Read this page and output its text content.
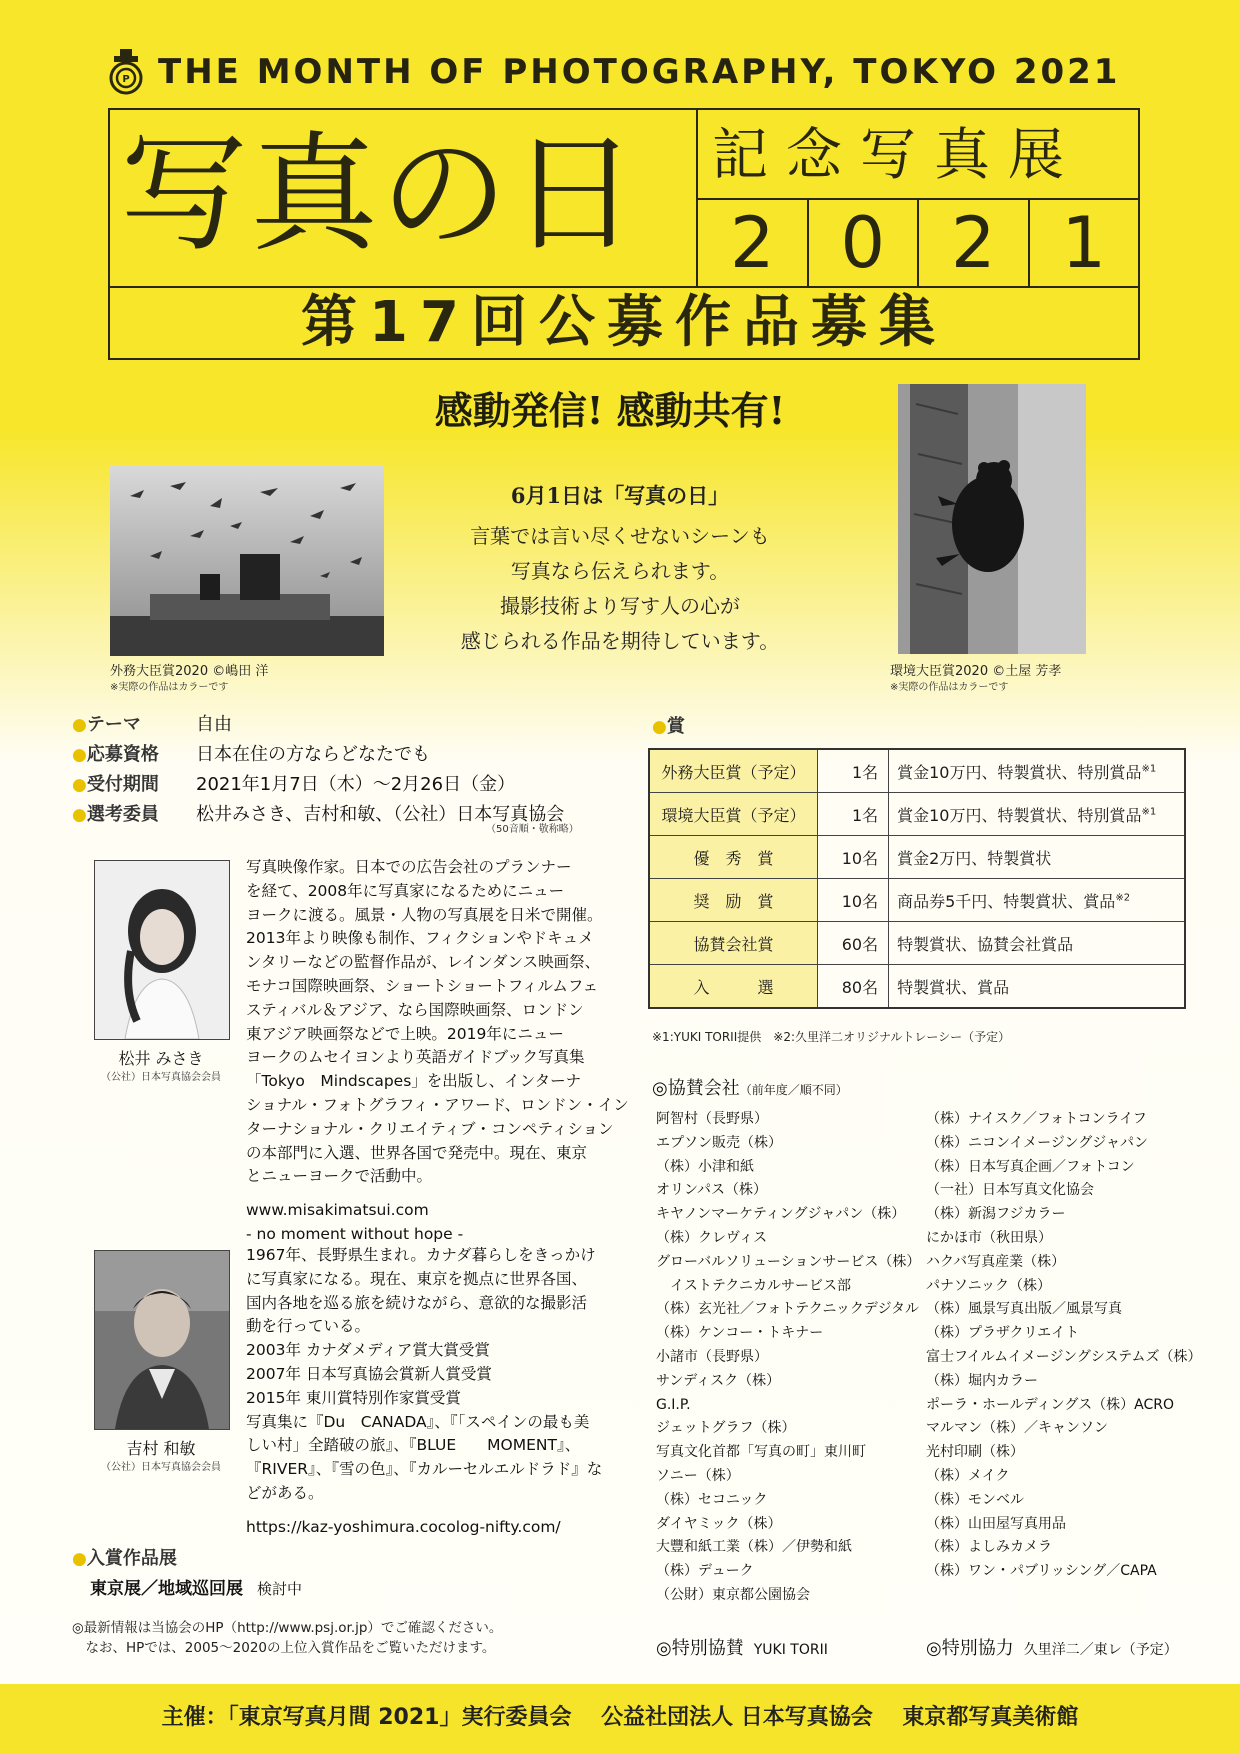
P THE MONTH OF PHOTOGRAPHY, TOKYO 2021
写真の日 記念写真展
2 0 2 1
第17回公募作品募集
感動発信! 感動共有!
外務大臣賞2020 ©嶋田 洋
※実際の作品はカラーです
環境大臣賞2020 ©土屋 芳孝
※実際の作品はカラーです
6月1日は「写真の日」
言葉では言い尽くせないシーンも
写真なら伝えられます。
撮影技術より写す人の心が
感じられる作品を期待しています。
●テーマ	自由
●応募資格	日本在住の方ならどなたでも
●受付期間	2021年1月7日（木）～2月26日（金）
●選考委員	松井みさき、吉村和敏、（公社）日本写真協会
（50音順・敬称略）
松井 みさき
（公社）日本写真協会会員
写真映像作家。日本での広告会社のプランナー
を経て、2008年に写真家になるためにニュー
ヨークに渡る。風景・人物の写真展を日米で開催。
2013年より映像も制作、フィクションやドキュメ
ンタリーなどの監督作品が、レインダンス映画祭、
モナコ国際映画祭、ショートショートフィルムフェ
スティバル＆アジア、なら国際映画祭、ロンドン
東アジア映画祭などで上映。2019年にニュー
ヨークのムセイヨンより英語ガイドブック写真集
「Tokyo　Mindscapes」を出版し、インターナ
ショナル・フォトグラフィ・アワード、ロンドン・イン
ターナショナル・クリエイティブ・コンペティション
の本部門に入選、世界各国で発売中。現在、東京
とニューヨークで活動中。
www.misakimatsui.com
- no moment without hope -
吉村 和敏
（公社）日本写真協会会員
1967年、長野県生まれ。カナダ暮らしをきっかけ
に写真家になる。現在、東京を拠点に世界各国、
国内各地を巡る旅を続けながら、意欲的な撮影活
動を行っている。
2003年 カナダメディア賞大賞受賞
2007年 日本写真協会賞新人賞受賞
2015年 東川賞特別作家賞受賞
写真集に『Du　CANADA』、『「スペインの最も美
しい村」全踏破の旅』、『BLUE　　MOMENT』、
『RIVER』、『雪の色』、『カルーセルエルドラド』な
どがある。
https://kaz-yoshimura.cocolog-nifty.com/
●賞
外務大臣賞（予定）	1名	賞金10万円、特製賞状、特別賞品$^{※1}$
環境大臣賞（予定）	1名	賞金10万円、特製賞状、特別賞品$^{※1}$
優　秀　賞	10名	賞金2万円、特製賞状
奨　励　賞	10名	商品券5千円、特製賞状、賞品$^{※2}$
協賛会社賞	60名	特製賞状、協賛会社賞品
入　　　選	80名	特製賞状、賞品
※1:YUKI TORII提供　※2:久里洋二オリジナルトレーシー（予定）
◎協賛会社（前年度／順不同）
阿智村（長野県）
エプソン販売（株）
（株）小津和紙
オリンパス（株）
キヤノンマーケティングジャパン（株）
（株）クレヴィス
グローバルソリューションサービス（株）
　イストテクニカルサービス部
（株）玄光社／フォトテクニックデジタル
（株）ケンコー・トキナー
小諸市（長野県）
サンディスク（株）
G.I.P.
ジェットグラフ（株）
写真文化首都「写真の町」東川町
ソニー（株）
（株）セコニック
ダイヤミック（株）
大豐和紙工業（株）／伊勢和紙
（株）デューク
（公財）東京都公園協会
（株）ナイスク／フォトコンライフ
（株）ニコンイメージングジャパン
（株）日本写真企画／フォトコン
（一社）日本写真文化協会
（株）新潟フジカラー
にかほ市（秋田県）
ハクバ写真産業（株）
パナソニック（株）
（株）風景写真出版／風景写真
（株）プラザクリエイト
富士フイルムイメージングシステムズ（株）
（株）堀内カラー
ポーラ・ホールディングス（株）ACRO
マルマン（株）／キャンソン
光村印刷（株）
（株）メイク
（株）モンベル
（株）山田屋写真用品
（株）よしみカメラ
（株）ワン・パブリッシング／CAPA
◎特別協賛 YUKI TORII	◎特別協力 久里洋二／東レ（予定）
●入賞作品展
東京展／地域巡回展 検討中
◎最新情報は当協会のHP（http://www.psj.or.jp）でご確認ください。
　なお、HPでは、2005～2020の上位入賞作品をご覧いただけます。
主催：「東京写真月間 2021」実行委員会　 公益社団法人 日本写真協会　 東京都写真美術館
